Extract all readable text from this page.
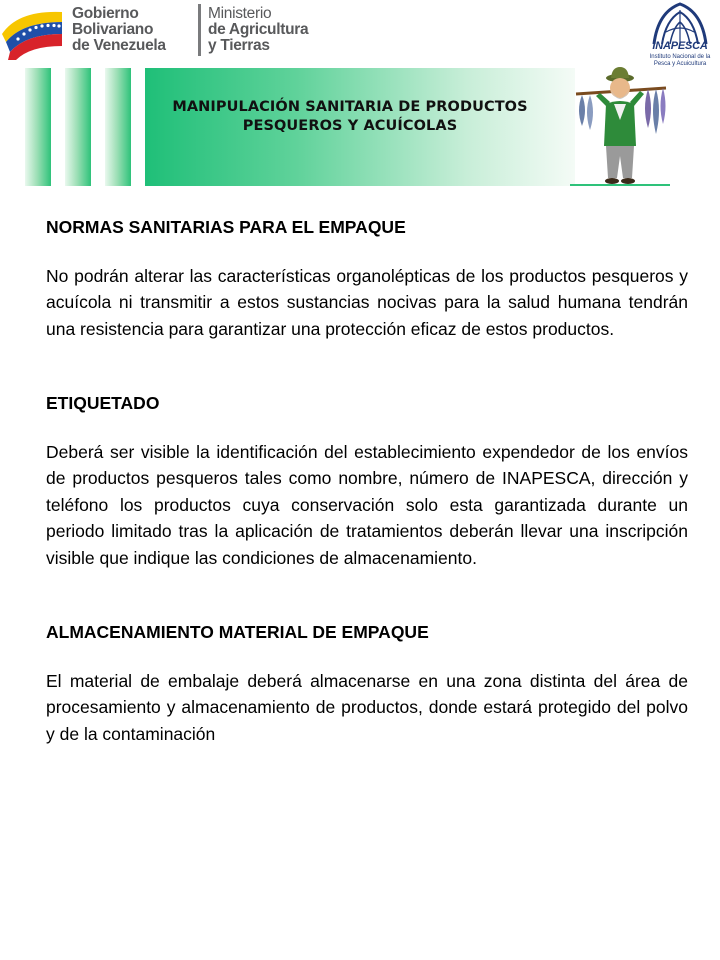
Gobierno
Bolivariano
de Venezuela
Ministerio
de Agricultura
y Tierras	INAPESCA
Instituto Nacional de la
Pesca y Acuicultura
MANIPULACIÓN SANITARIA DE PRODUCTOS
PESQUEROS Y ACUÍCOLAS

NORMAS SANITARIAS PARA EL EMPAQUE

No podrán alterar las características organolépticas de los productos pesqueros y acuícola ni transmitir a estos sustancias nocivas para la salud humana tendrán una resistencia para garantizar una protección eficaz de estos productos.

ETIQUETADO

Deberá ser visible la identificación del establecimiento expendedor de los envíos de productos pesqueros tales como nombre, número de INAPESCA, dirección y teléfono los productos cuya conservación solo esta garantizada durante un periodo limitado tras la aplicación de tratamientos deberán llevar una inscripción visible que indique las condiciones de almacenamiento.

ALMACENAMIENTO MATERIAL DE EMPAQUE

El material de embalaje deberá almacenarse en una zona distinta del área de procesamiento y almacenamiento de productos, donde estará protegido del polvo y de la contaminación
